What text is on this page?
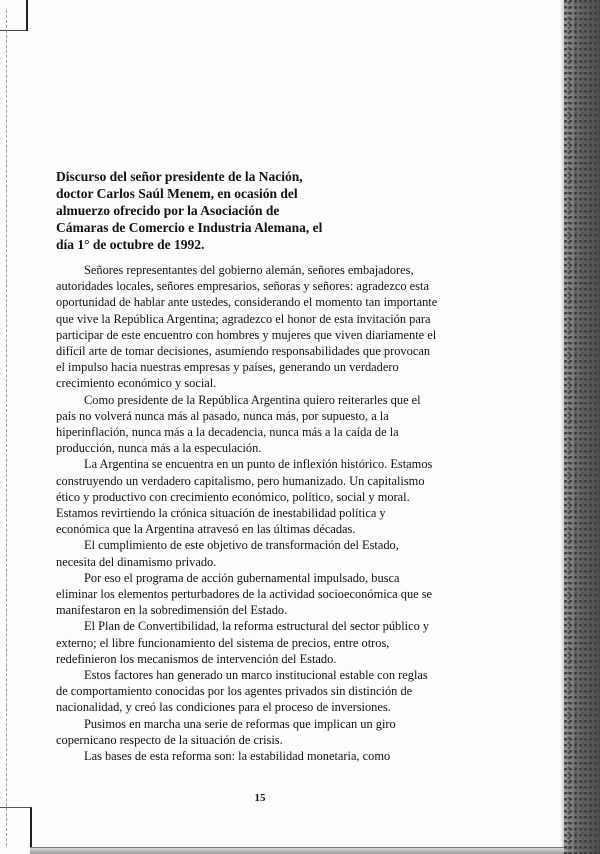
Discurso del señor presidente de la Nación,
doctor Carlos Saúl Menem, en ocasión del
almuerzo ofrecido por la Asociación de
Cámaras de Comercio e Industria Alemana, el
día 1° de octubre de 1992.

Señores representantes del gobierno alemán, señores embajadores,
autoridades locales, señores empresarios, señoras y señores: agradezco esta
oportunidad de hablar ante ustedes, considerando el momento tan importante
que vive la República Argentina; agradezco el honor de esta invitación para
participar de este encuentro con hombres y mujeres que viven diariamente el
difícil arte de tomar decisiones, asumiendo responsabilidades que provocan
el impulso hacia nuestras empresas y países, generando un verdadero
crecimiento económico y social.

Como presidente de la República Argentina quiero reiterarles que el
país no volverá nunca más al pasado, nunca más, por supuesto, a la
hiperinflación, nunca más a la decadencia, nunca más a la caída de la
producción, nunca más a la especulación.

La Argentina se encuentra en un punto de inflexión histórico. Estamos
construyendo un verdadero capitalismo, pero humanizado. Un capitalismo
ético y productivo con crecimiento económico, político, social y moral.
Estamos revirtiendo la crónica situación de inestabilidad política y
económica que la Argentina atravesó en las últimas décadas.

El cumplimiento de este objetivo de transformación del Estado,
necesita del dinamismo privado.

Por eso el programa de acción gubernamental impulsado, busca
eliminar los elementos perturbadores de la actividad socioeconómica que se
manifestaron en la sobredimensión del Estado.

El Plan de Convertibilidad, la reforma estructural del sector público y
externo; el libre funcionamiento del sistema de precios, entre otros,
redefinieron los mecanismos de intervención del Estado.

Estos factores han generado un marco institucional estable con reglas
de comportamiento conocidas por los agentes privados sin distinción de
nacionalidad, y creó las condiciones para el proceso de inversiones.

Pusimos en marcha una serie de reformas que implican un giro
copernicano respecto de la situación de crisis.

Las bases de esta reforma son: la estabilidad monetaria, como

15
